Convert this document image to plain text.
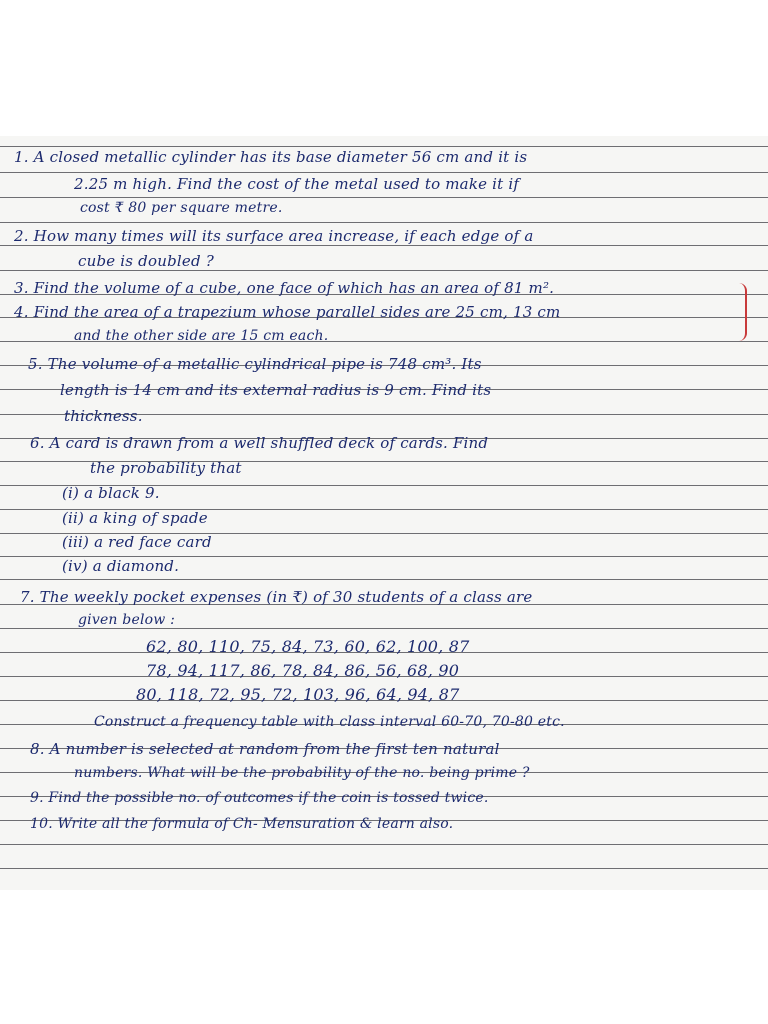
1. A closed metallic cylinder has its base diameter 56 cm and it is
2.25 m high. Find the cost of the metal used to make it if
cost ₹ 80 per square metre.
2. How many times will its surface area increase, if each edge of a
cube is doubled ?
3. Find the volume of a cube, one face of which has an area of 81 m².
4. Find the area of a trapezium whose parallel sides are 25 cm, 13 cm
and the other side are 15 cm each.
5. The volume of a metallic cylindrical pipe is 748 cm³. Its
length is 14 cm and its external radius is 9 cm. Find its
thickness.
6. A card is drawn from a well shuffled deck of cards. Find
the probability that
(i) a black 9.
(ii) a king of spade
(iii) a red face card
(iv) a diamond.
7. The weekly pocket expenses (in ₹) of 30 students of a class are
given below :
62, 80, 110, 75, 84, 73, 60, 62, 100, 87
78, 94, 117, 86, 78, 84, 86, 56, 68, 90
80, 118, 72, 95, 72, 103, 96, 64, 94, 87
Construct a frequency table with class interval 60-70, 70-80 etc.
8. A number is selected at random from the first ten natural
numbers. What will be the probability of the no. being prime ?
9. Find the possible no. of outcomes if the coin is tossed twice.
10. Write all the formula of Ch- Mensuration & learn also.
